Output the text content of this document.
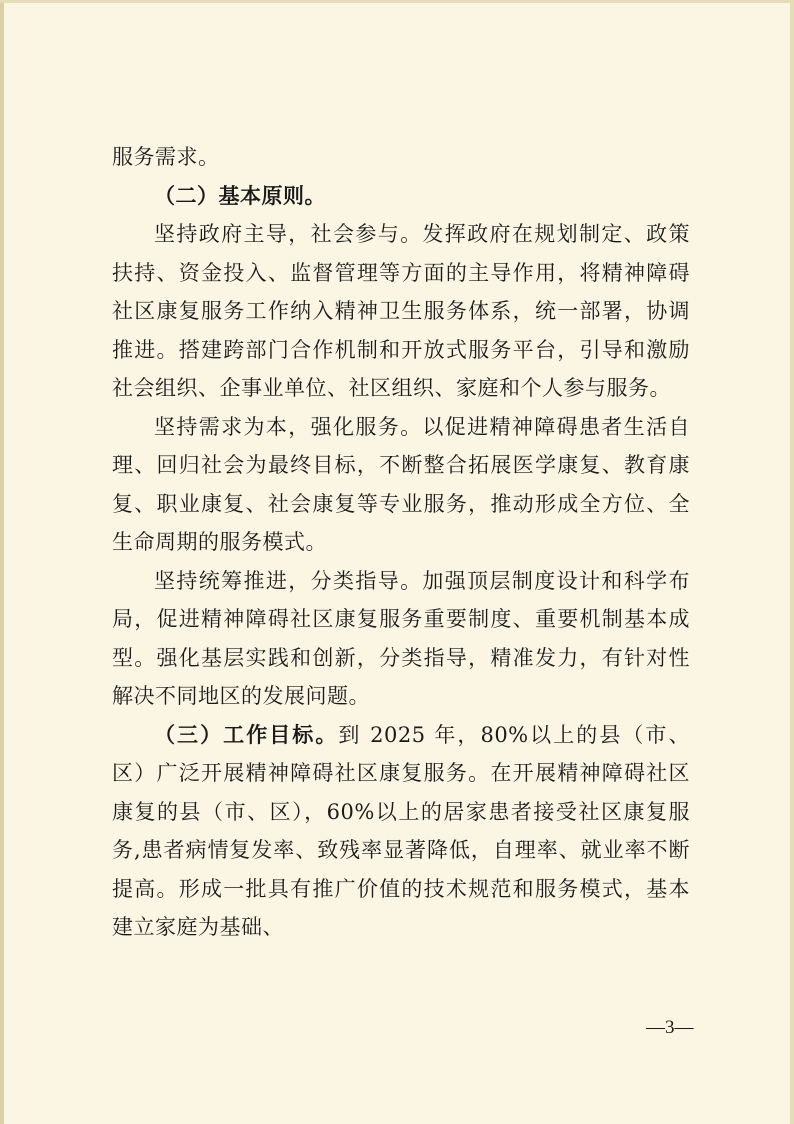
服务需求。

（二）基本原则。

坚持政府主导，社会参与。发挥政府在规划制定、政策扶持、资金投入、监督管理等方面的主导作用，将精神障碍社区康复服务工作纳入精神卫生服务体系，统一部署，协调推进。搭建跨部门合作机制和开放式服务平台，引导和激励社会组织、企事业单位、社区组织、家庭和个人参与服务。

坚持需求为本，强化服务。以促进精神障碍患者生活自理、回归社会为最终目标，不断整合拓展医学康复、教育康复、职业康复、社会康复等专业服务，推动形成全方位、全生命周期的服务模式。

坚持统筹推进，分类指导。加强顶层制度设计和科学布局，促进精神障碍社区康复服务重要制度、重要机制基本成型。强化基层实践和创新，分类指导，精准发力，有针对性解决不同地区的发展问题。

（三）工作目标。到 2025 年，80%以上的县（市、区）广泛开展精神障碍社区康复服务。在开展精神障碍社区康复的县（市、区），60%以上的居家患者接受社区康复服务,患者病情复发率、致残率显著降低，自理率、就业率不断提高。形成一批具有推广价值的技术规范和服务模式，基本建立家庭为基础、

—3—
